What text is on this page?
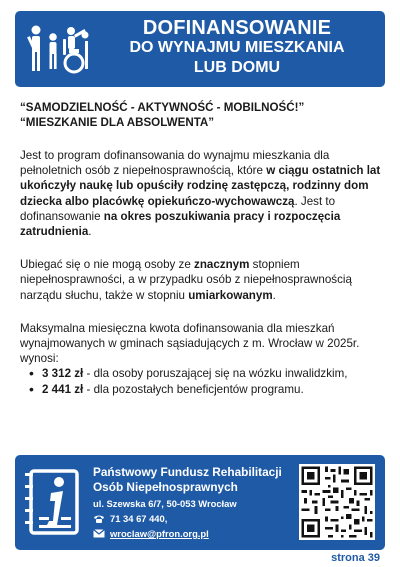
DOFINANSOWANIE
DO WYNAJMU MIESZKANIA
LUB DOMU

“SAMODZIELNOŚĆ - AKTYWNOŚĆ - MOBILNOŚĆ!”

“MIESZKANIE DLA ABSOLWENTA”

Jest to program dofinansowania do wynajmu mieszkania dla pełnoletnich osób z niepełnosprawnością, które w ciągu ostatnich lat ukończyły naukę lub opuściły rodzinę zastępczą, rodzinny dom dziecka albo placówkę opiekuńczo-wychowawczą. Jest to dofinansowanie na okres poszukiwania pracy i rozpoczęcia zatrudnienia.

Ubiegać się o nie mogą osoby ze znacznym stopniem niepełnosprawności, a w przypadku osób z niepełnosprawnością narządu słuchu, także w stopniu umiarkowanym.

Maksymalna miesięczna kwota dofinansowania dla mieszkań wynajmowanych w gminach sąsiadujących z m. Wrocław w 2025r. wynosi:

• 3 312 zł - dla osoby poruszającej się na wózku inwalidzkim,
• 2 441 zł - dla pozostałych beneficjentów programu.
Państwowy Fundusz Rehabilitacji
Osób Niepełnosprawnych
ul. Szewska 6/7, 50-053 Wrocław
71 34 67 440,
wroclaw@pfron.org.pl
strona 39
